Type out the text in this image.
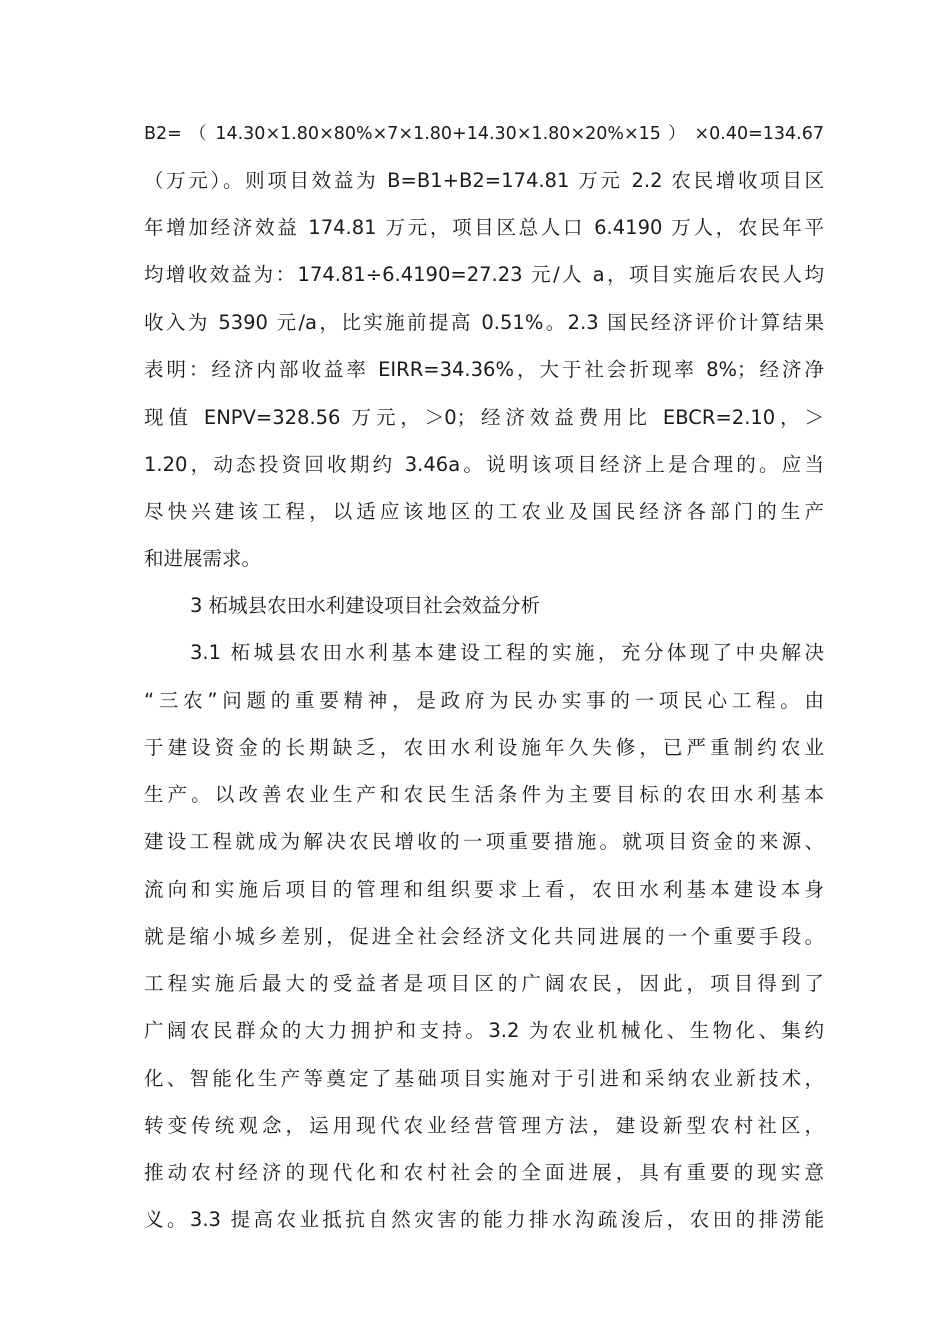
B2= （ 14.30×1.80×80%×7×1.80+14.30×1.80×20%×15 ） ×0.40=134.67
（万元）。则项目效益为 B=B1+B2=174.81 万元 2.2 农民增收项目区
年增加经济效益 174.81 万元，项目区总人口 6.4190 万人，农民年平
均增收效益为：174.81÷6.4190=27.23 元/人 a，项目实施后农民人均
收入为 5390 元/a，比实施前提高 0.51%。2.3 国民经济评价计算结果
表明：经济内部收益率 EIRR=34.36%，大于社会折现率 8%；经济净
现值 ENPV=328.56 万元，＞0；经济效益费用比 EBCR=2.10，＞
1.20，动态投资回收期约 3.46a。说明该项目经济上是合理的。应当
尽快兴建该工程，以适应该地区的工农业及国民经济各部门的生产
和进展需求。
3 柘城县农田水利建设项目社会效益分析
3.1 柘城县农田水利基本建设工程的实施，充分体现了中央解决
“三农”问题的重要精神，是政府为民办实事的一项民心工程。由
于建设资金的长期缺乏，农田水利设施年久失修，已严重制约农业
生产。以改善农业生产和农民生活条件为主要目标的农田水利基本
建设工程就成为解决农民增收的一项重要措施。就项目资金的来源、
流向和实施后项目的管理和组织要求上看，农田水利基本建设本身
就是缩小城乡差别，促进全社会经济文化共同进展的一个重要手段。
工程实施后最大的受益者是项目区的广阔农民，因此，项目得到了
广阔农民群众的大力拥护和支持。3.2 为农业机械化、生物化、集约
化、智能化生产等奠定了基础项目实施对于引进和采纳农业新技术，
转变传统观念，运用现代农业经营管理方法，建设新型农村社区，
推动农村经济的现代化和农村社会的全面进展，具有重要的现实意
义。3.3 提高农业抵抗自然灾害的能力排水沟疏浚后，农田的排涝能
